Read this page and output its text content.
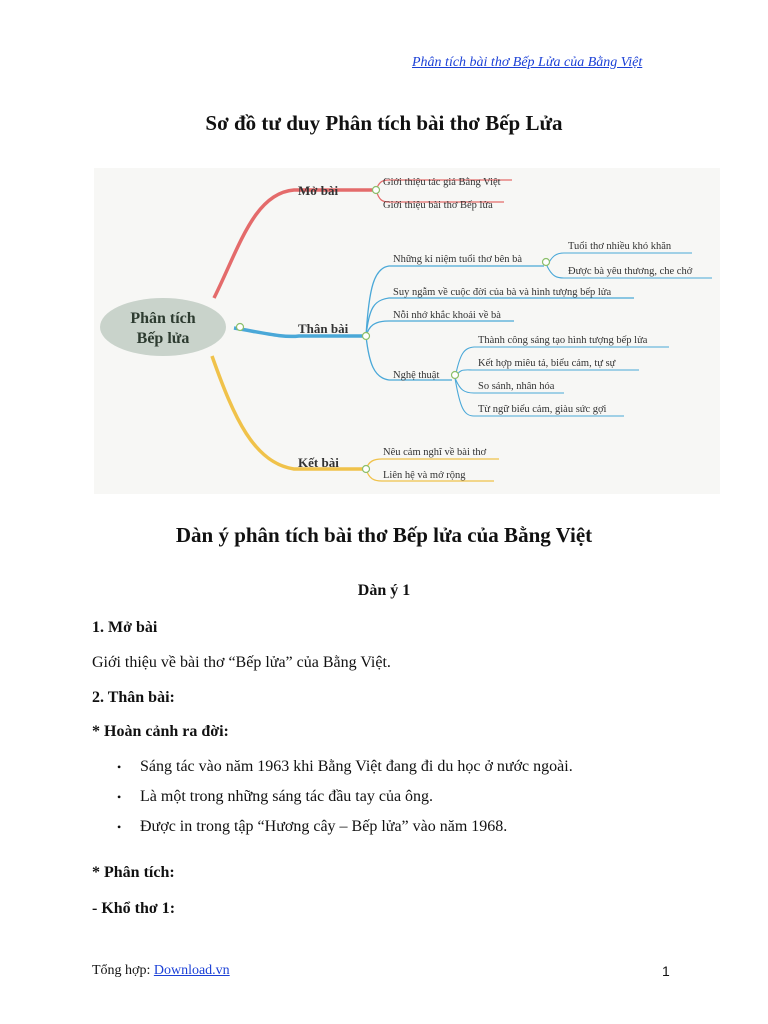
Phân tích bài thơ Bếp Lửa của Bằng Việt
Sơ đồ tư duy Phân tích bài thơ Bếp Lửa
Phân tích
Bếp lửa
Mở bài
Thân bài
Kết bài
Giới thiệu tác giả Bằng Việt
Giới thiệu bài thơ Bếp lửa
Những kỉ niệm tuổi thơ bên bà
Tuổi thơ nhiều khó khăn
Được bà yêu thương, che chở
Suy ngẫm về cuộc đời của bà và hình tượng bếp lửa
Nỗi nhớ khắc khoải về bà
Nghệ thuật
Thành công sáng tạo hình tượng bếp lửa
Kết hợp miêu tả, biểu cảm, tự sự
So sánh, nhân hóa
Từ ngữ biểu cảm, giàu sức gợi
Nêu cảm nghĩ về bài thơ
Liên hệ và mở rộng
Dàn ý phân tích bài thơ Bếp lửa của Bằng Việt
Dàn ý 1
1. Mở bài
Giới thiệu về bài thơ “Bếp lửa” của Bằng Việt.
2. Thân bài:
* Hoàn cảnh ra đời:
• Sáng tác vào năm 1963 khi Bằng Việt đang đi du học ở nước ngoài.
• Là một trong những sáng tác đầu tay của ông.
• Được in trong tập “Hương cây – Bếp lửa” vào năm 1968.
* Phân tích:
- Khổ thơ 1:
Tổng hợp: Download.vn	1
